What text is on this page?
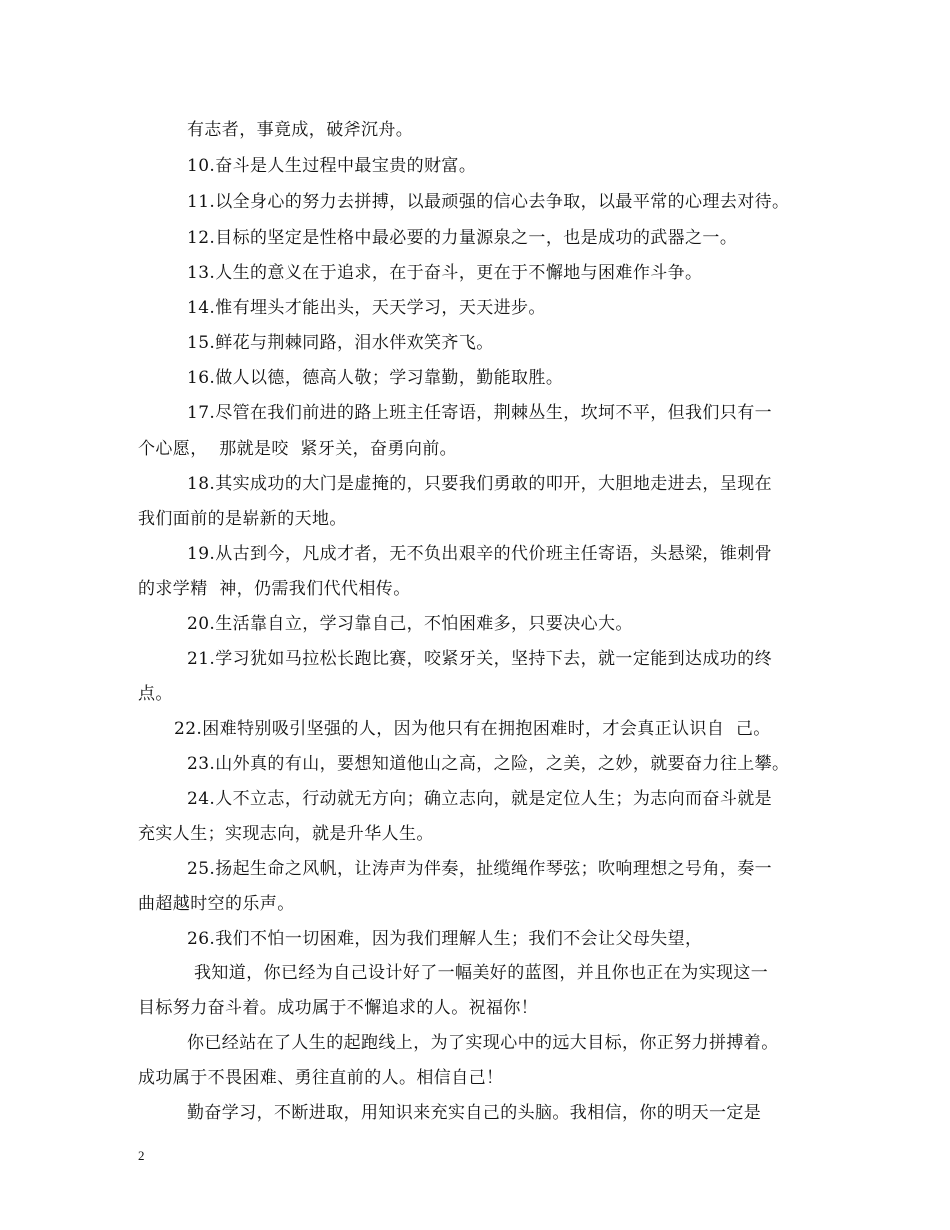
有志者，事竟成，破斧沉舟。
10.奋斗是人生过程中最宝贵的财富。
11.以全身心的努力去拼搏，以最顽强的信心去争取，以最平常的心理去对待。
12.目标的坚定是性格中最必要的力量源泉之一，也是成功的武器之一。
13.人生的意义在于追求，在于奋斗，更在于不懈地与困难作斗争。
14.惟有埋头才能出头，天天学习，天天进步。
15.鲜花与荆棘同路，泪水伴欢笑齐飞。
16.做人以德，德高人敬；学习靠勤，勤能取胜。
17.尽管在我们前进的路上班主任寄语，荆棘丛生，坎坷不平，但我们只有一
个心愿，  那就是咬  紧牙关，奋勇向前。
18.其实成功的大门是虚掩的，只要我们勇敢的叩开，大胆地走进去，呈现在
我们面前的是崭新的天地。
19.从古到今，凡成才者，无不负出艰辛的代价班主任寄语，头悬梁，锥刺骨
的求学精  神，仍需我们代代相传。
20.生活靠自立，学习靠自己，不怕困难多，只要决心大。
21.学习犹如马拉松长跑比赛，咬紧牙关，坚持下去，就一定能到达成功的终
点。
22.困难特别吸引坚强的人，因为他只有在拥抱困难时，才会真正认识自  己。
23.山外真的有山，要想知道他山之高，之险，之美，之妙，就要奋力往上攀。
24.人不立志，行动就无方向；确立志向，就是定位人生；为志向而奋斗就是
充实人生；实现志向，就是升华人生。
25.扬起生命之风帆，让涛声为伴奏，扯缆绳作琴弦；吹响理想之号角，奏一
曲超越时空的乐声。
26.我们不怕一切困难，因为我们理解人生；我们不会让父母失望，
我知道，你已经为自己设计好了一幅美好的蓝图，并且你也正在为实现这一
目标努力奋斗着。成功属于不懈追求的人。祝福你！
你已经站在了人生的起跑线上，为了实现心中的远大目标，你正努力拼搏着。
成功属于不畏困难、勇往直前的人。相信自己！
勤奋学习，不断进取，用知识来充实自己的头脑。我相信，你的明天一定是
2
